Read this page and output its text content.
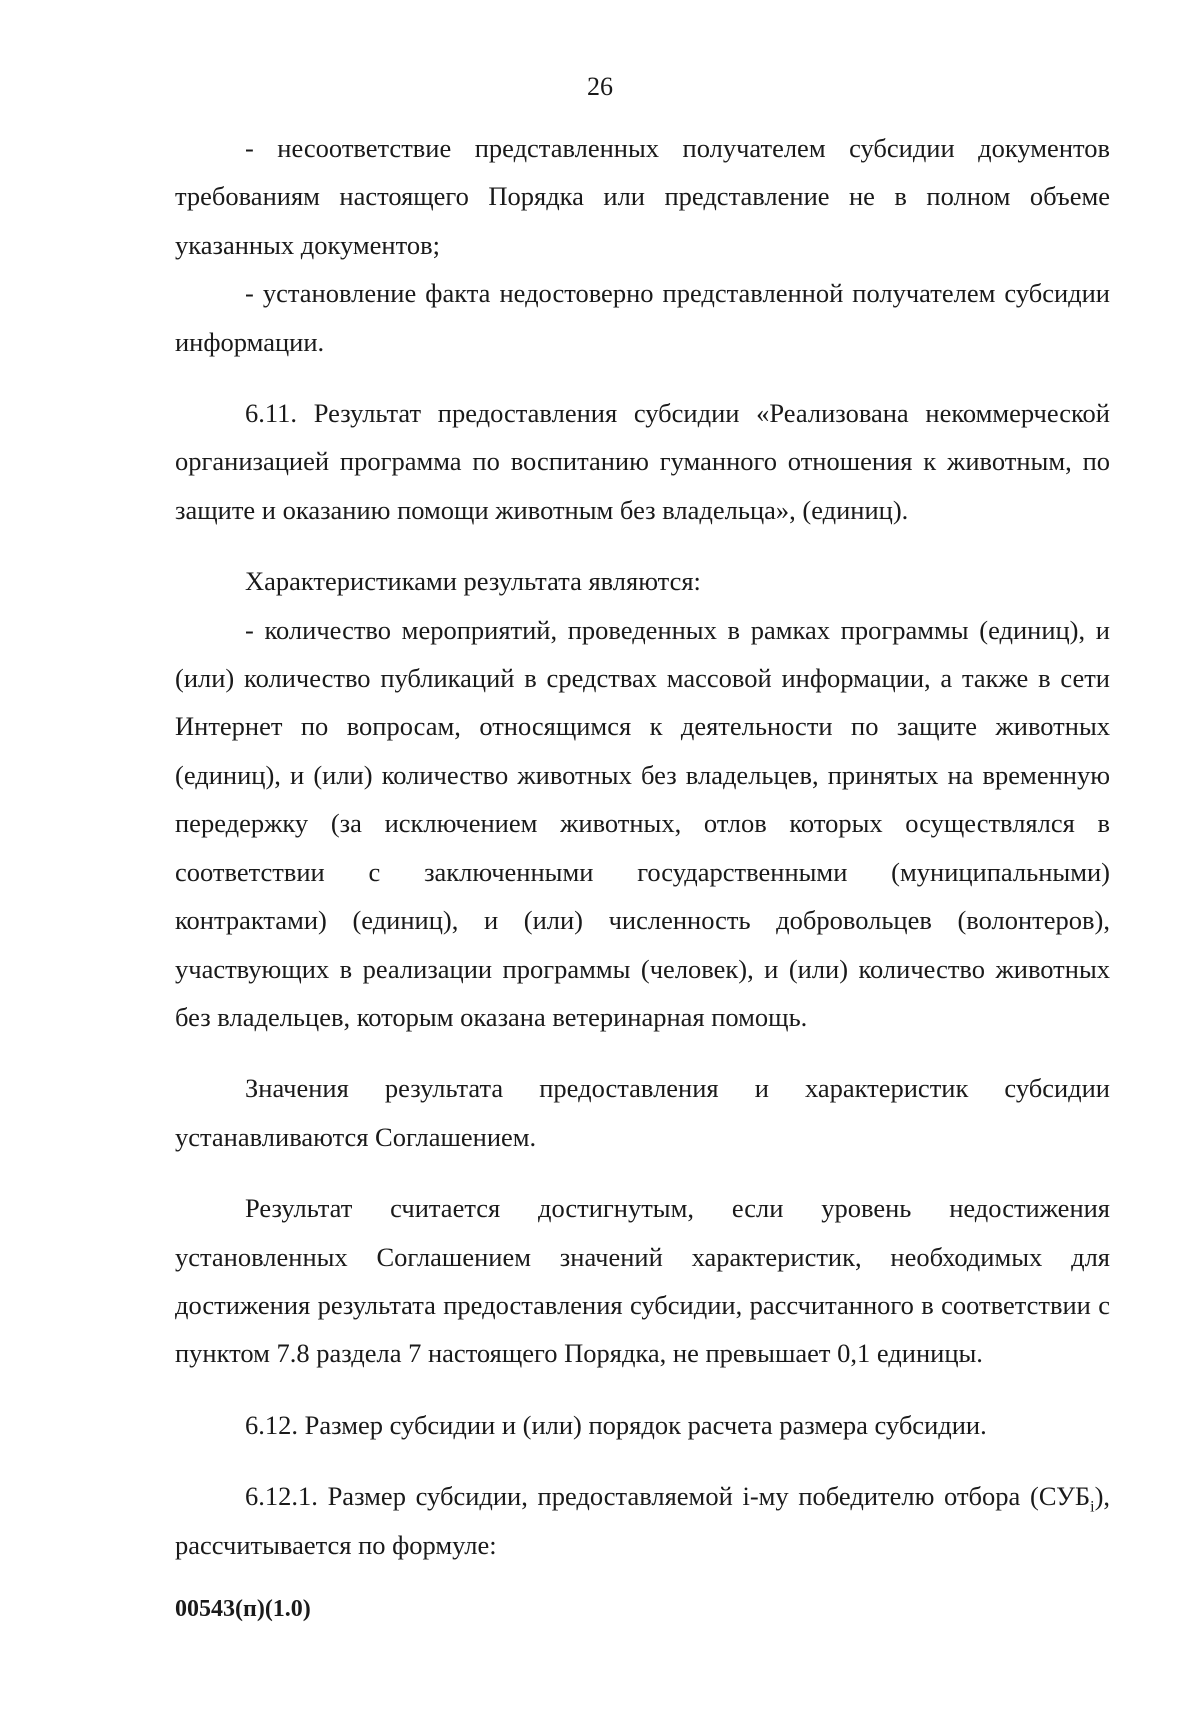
26

- несоответствие представленных получателем субсидии документов требованиям настоящего Порядка или представление не в полном объеме указанных документов;

- установление факта недостоверно представленной получателем субсидии информации.

6.11. Результат предоставления субсидии «Реализована некоммерческой организацией программа по воспитанию гуманного отношения к животным, по защите и оказанию помощи животным без владельца», (единиц).

Характеристиками результата являются:

- количество мероприятий, проведенных в рамках программы (единиц), и (или) количество публикаций в средствах массовой информации, а также в сети Интернет по вопросам, относящимся к деятельности по защите животных (единиц), и (или) количество животных без владельцев, принятых на временную передержку (за исключением животных, отлов которых осуществлялся в соответствии с заключенными государственными (муниципальными) контрактами) (единиц), и (или) численность добровольцев (волонтеров), участвующих в реализации программы (человек), и (или) количество животных без владельцев, которым оказана ветеринарная помощь.

Значения результата предоставления и характеристик субсидии устанавливаются Соглашением.

Результат считается достигнутым, если уровень недостижения установленных Соглашением значений характеристик, необходимых для достижения результата предоставления субсидии, рассчитанного в соответствии с пунктом 7.8 раздела 7 настоящего Порядка, не превышает 0,1 единицы.

6.12. Размер субсидии и (или) порядок расчета размера субсидии.

6.12.1. Размер субсидии, предоставляемой i-му победителю отбора $(СУБ_i)$, рассчитывается по формуле:

00543(п)(1.0)
